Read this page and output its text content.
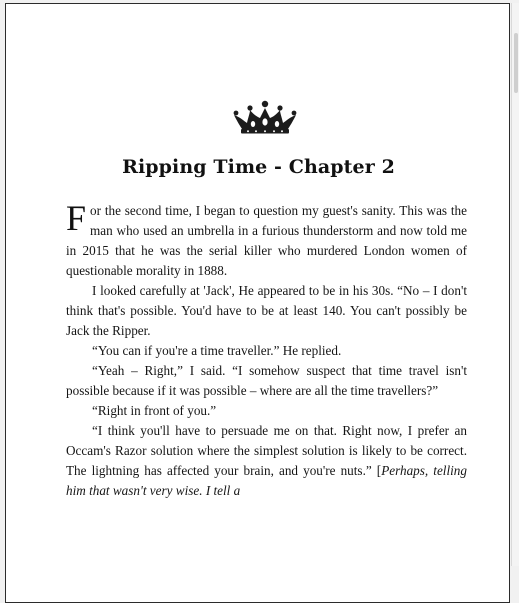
Ripping Time - Chapter 2

For the second time, I began to question my guest's sanity. This was the man who used an umbrella in a furious thunderstorm and now told me in 2015 that he was the serial killer who murdered London women of questionable morality in 1888.

I looked carefully at 'Jack', He appeared to be in his 30s. “No – I don't think that's possible. You'd have to be at least 140. You can't possibly be Jack the Ripper.

“You can if you're a time traveller.” He replied.

“Yeah – Right,” I said. “I somehow suspect that time travel isn't possible because if it was possible – where are all the time travellers?”

“Right in front of you.”

“I think you'll have to persuade me on that. Right now, I prefer an Occam's Razor solution where the simplest solution is likely to be correct. The lightning has affected your brain, and you're nuts.” [Perhaps, telling him that wasn't very wise. I tell a
